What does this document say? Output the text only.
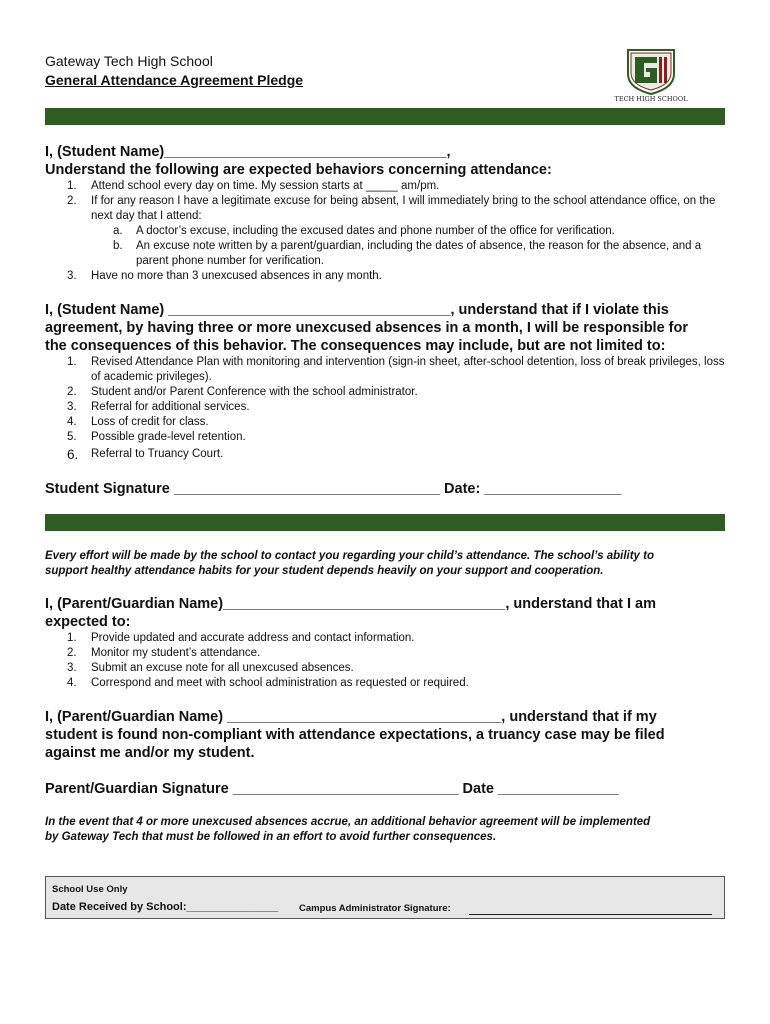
Gateway Tech High School
General Attendance Agreement Pledge
TECH HIGH SCHOOL
I, (Student Name)___________________________________,
Understand the following are expected behaviors concerning attendance:
1. Attend school every day on time. My session starts at _____ am/pm.
2. If for any reason I have a legitimate excuse for being absent, I will immediately bring to the school attendance office, on the next day that I attend:
a. A doctor’s excuse, including the excused dates and phone number of the office for verification.
b. An excuse note written by a parent/guardian, including the dates of absence, the reason for the absence, and a parent phone number for verification.
3. Have no more than 3 unexcused absences in any month.
I, (Student Name) ___________________________________, understand that if I violate this
agreement, by having three or more unexcused absences in a month, I will be responsible for
the consequences of this behavior. The consequences may include, but are not limited to:
1. Revised Attendance Plan with monitoring and intervention (sign-in sheet, after-school detention, loss of break privileges, loss of academic privileges).
2. Student and/or Parent Conference with the school administrator.
3. Referral for additional services.
4. Loss of credit for class.
5. Possible grade-level retention.
6. Referral to Truancy Court.
Student Signature _________________________________ Date: _________________
Every effort will be made by the school to contact you regarding your child’s attendance. The school’s ability to
support healthy attendance habits for your student depends heavily on your support and cooperation.
I, (Parent/Guardian Name)___________________________________, understand that I am
expected to:
1. Provide updated and accurate address and contact information.
2. Monitor my student’s attendance.
3. Submit an excuse note for all unexcused absences.
4. Correspond and meet with school administration as requested or required.
I, (Parent/Guardian Name) __________________________________, understand that if my
student is found non-compliant with attendance expectations, a truancy case may be filed
against me and/or my student.
Parent/Guardian Signature ____________________________ Date _______________
In the event that 4 or more unexcused absences accrue, an additional behavior agreement will be implemented
by Gateway Tech that must be followed in an effort to avoid further consequences.
School Use Only
Date Received by School:_______________ Campus Administrator Signature:
